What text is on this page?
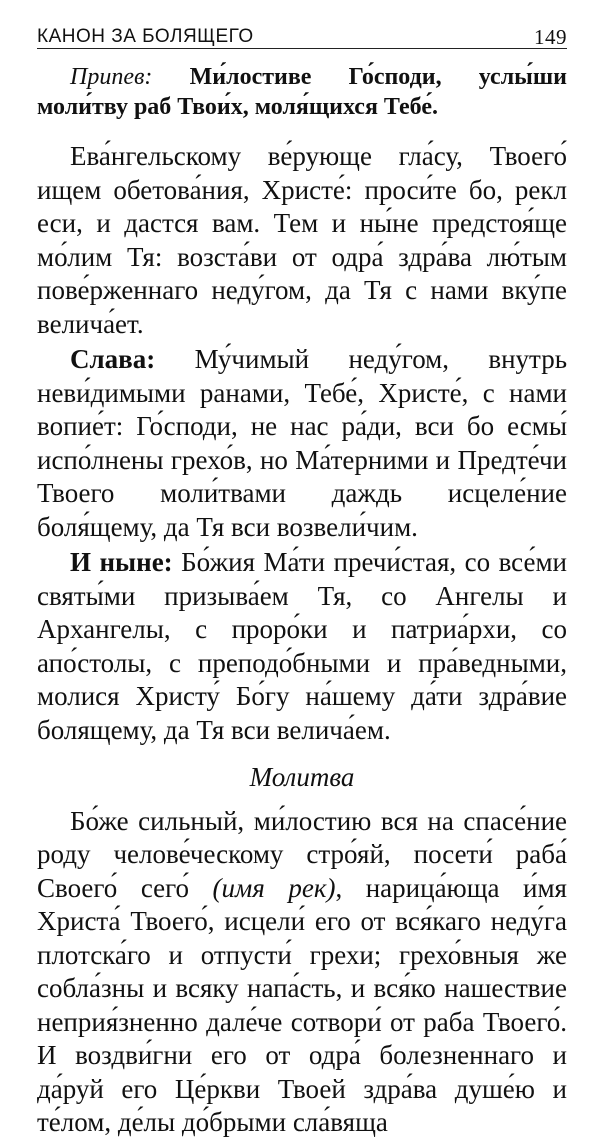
КАНОН ЗА БОЛЯЩЕГО	149

Припев: Ми́лостиве Го́споди, услы́ши моли́тву раб Твои́х, моля́щихся Тебе́.

Ева́нгельскому ве́рующе гла́су, Твоего́ ищем обетова́ния, Христе́: проси́те бо, рекл еси, и дастся вам. Тем и ны́не предстоя́ще мо́лим Тя: возста́ви от одра́ здра́ва лю́тым пове́рженнаго неду́гом, да Тя с нами вку́пе велича́ет.

Слава: Му́чимый неду́гом, внутрь неви́димыми ранами, Тебе́, Христе́, с нами вопие́т: Го́споди, не нас ра́ди, вси бо есмы́ испо́лнены грехо́в, но Ма́терними и Предте́чи Твоего моли́твами даждь исцеле́ние боля́щему, да Тя вси возвели́чим.

И ныне: Бо́жия Ма́ти пречи́стая, со все́ми святы́ми призыва́ем Тя, со Ангелы и Архангелы, с проро́ки и патриа́рхи, со апо́столы, с преподо́бными и пра́ведными, молися Христу́ Бо́гу на́шему да́ти здра́вие болящему, да Тя вси велича́ем.

Молитва

Бо́же сильный, ми́лостию вся на спасе́ние роду челове́ческому стро́яй, посети́ раба́ Своего́ сего́ (имя рек), нарица́юща и́мя Христа́ Твоего́, исцели́ его от вся́каго неду́га плотска́го и отпусти́ грехи; грехо́вныя же собла́зны и всяку напа́сть, и вся́ко нашествие неприя́зненно дале́че сотвори́ от раба Твоего́. И воздви́гни его от одра́ болезненнаго и да́руй его Це́ркви Твоей здра́ва душе́ю и те́лом, де́лы до́брыми сла́вяща
